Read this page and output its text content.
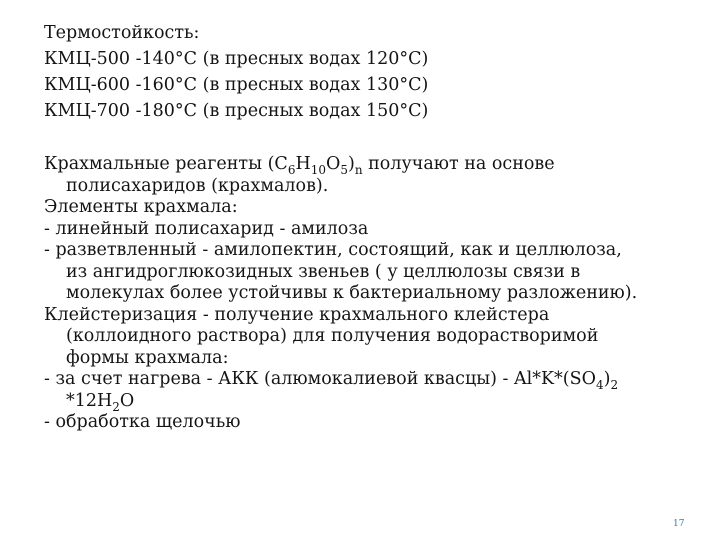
Термостойкость:
КМЦ-500 -140°С (в пресных водах 120°С)
КМЦ-600 -160°С (в пресных водах 130°С)
КМЦ-700 -180°С (в пресных водах 150°С)
Крахмальные реагенты $(С_6Н_{10}О_5)_n$ получают на основе
полисахаридов (крахмалов).
Элементы крахмала:
- линейный полисахарид - амилоза
- разветвленный - амилопектин, состоящий, как и целлюлоза,
из ангидроглюкозидных звеньев ( у целлюлозы связи в
молекулах более устойчивы к бактериальному разложению).
Клейстеризация - получение крахмального клейстера
(коллоидного раствора) для получения водорастворимой
формы крахмала:
- за счет нагрева - АКК (алюмокалиевой квасцы) - $Al*K*(SO_4)_2$
$*12H_2O$
- обработка щелочью
17
